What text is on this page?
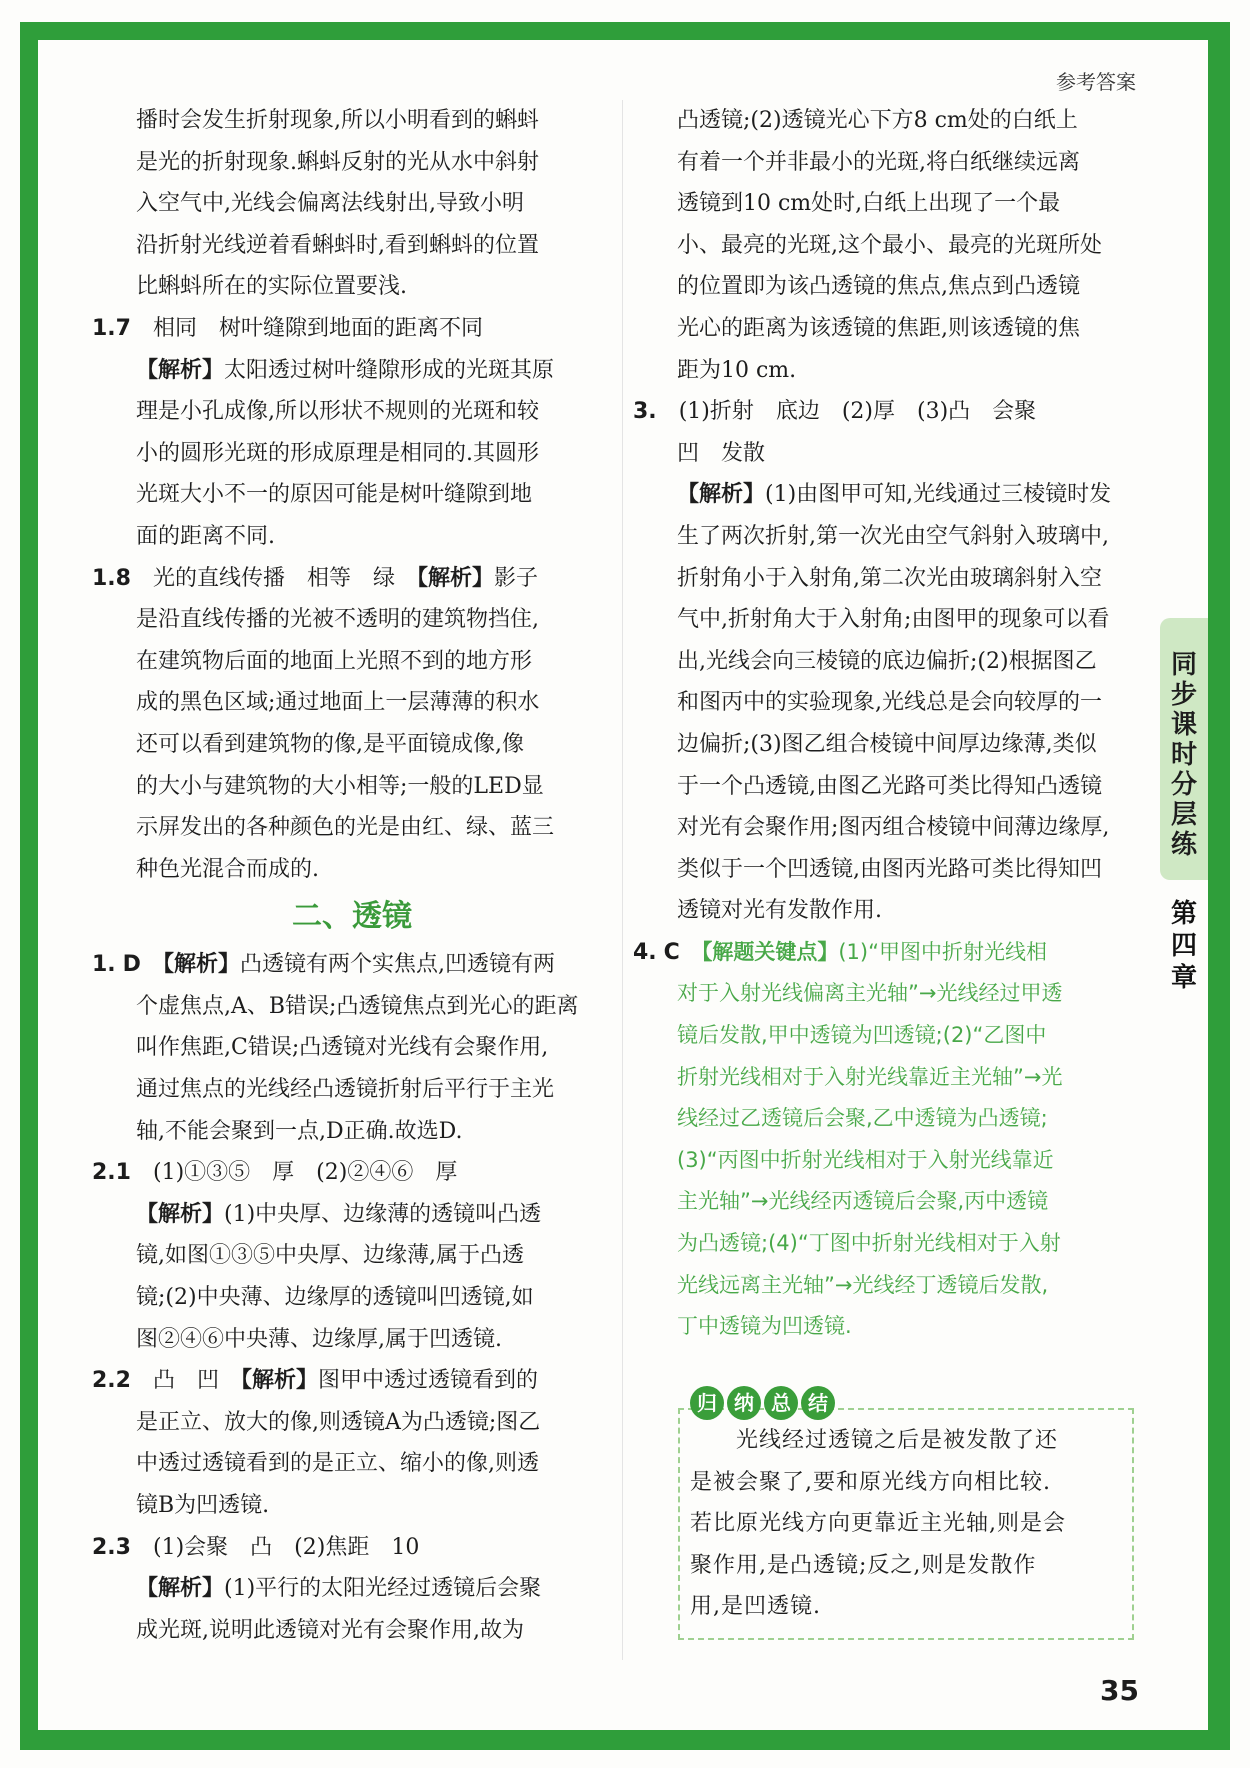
参考答案
同
步
课
时
分
层
练
第
四
章

播时会发生折射现象,所以小明看到的蝌蚪

是光的折射现象.蝌蚪反射的光从水中斜射

入空气中,光线会偏离法线射出,导致小明

沿折射光线逆着看蝌蚪时,看到蝌蚪的位置

比蝌蚪所在的实际位置要浅.

1.7　 相同　树叶缝隙到地面的距离不同

【解析】太阳透过树叶缝隙形成的光斑其原

理是小孔成像,所以形状不规则的光斑和较

小的圆形光斑的形成原理是相同的.其圆形

光斑大小不一的原因可能是树叶缝隙到地

面的距离不同.

1.8　 光的直线传播　相等　绿　【解析】影子

是沿直线传播的光被不透明的建筑物挡住,

在建筑物后面的地面上光照不到的地方形

成的黑色区域;通过地面上一层薄薄的积水

还可以看到建筑物的像,是平面镜成像,像

的大小与建筑物的大小相等;一般的LED显

示屏发出的各种颜色的光是由红、绿、蓝三

种色光混合而成的.

二、透镜

1. D　 【解析】凸透镜有两个实焦点,凹透镜有两

个虚焦点,A、B错误;凸透镜焦点到光心的距离

叫作焦距,C错误;凸透镜对光线有会聚作用,

通过焦点的光线经凸透镜折射后平行于主光

轴,不能会聚到一点,D正确.故选D.

2.1　 (1)①③⑤　厚　(2)②④⑥　厚

【解析】(1)中央厚、边缘薄的透镜叫凸透

镜,如图①③⑤中央厚、边缘薄,属于凸透

镜;(2)中央薄、边缘厚的透镜叫凹透镜,如

图②④⑥中央薄、边缘厚,属于凹透镜.

2.2　 凸　凹　【解析】图甲中透过透镜看到的

是正立、放大的像,则透镜A为凸透镜;图乙

中透过透镜看到的是正立、缩小的像,则透

镜B为凹透镜.

2.3　 (1)会聚　凸　(2)焦距　10

【解析】(1)平行的太阳光经过透镜后会聚

成光斑,说明此透镜对光有会聚作用,故为

凸透镜;(2)透镜光心下方8 cm处的白纸上

有着一个并非最小的光斑,将白纸继续远离

透镜到10 cm处时,白纸上出现了一个最

小、最亮的光斑,这个最小、最亮的光斑所处

的位置即为该凸透镜的焦点,焦点到凸透镜

光心的距离为该透镜的焦距,则该透镜的焦

距为10 cm.

3.　 (1)折射　底边　(2)厚　(3)凸　会聚

凹　发散

【解析】(1)由图甲可知,光线通过三棱镜时发

生了两次折射,第一次光由空气斜射入玻璃中,

折射角小于入射角,第二次光由玻璃斜射入空

气中,折射角大于入射角;由图甲的现象可以看

出,光线会向三棱镜的底边偏折;(2)根据图乙

和图丙中的实验现象,光线总是会向较厚的一

边偏折;(3)图乙组合棱镜中间厚边缘薄,类似

于一个凸透镜,由图乙光路可类比得知凸透镜

对光有会聚作用;图丙组合棱镜中间薄边缘厚,

类似于一个凹透镜,由图丙光路可类比得知凹

透镜对光有发散作用.

4. C　 【解题关键点】(1)“甲图中折射光线相

对于入射光线偏离主光轴”→光线经过甲透

镜后发散,甲中透镜为凹透镜;(2)“乙图中

折射光线相对于入射光线靠近主光轴”→光

线经过乙透镜后会聚,乙中透镜为凸透镜;

(3)“丙图中折射光线相对于入射光线靠近

主光轴”→光线经丙透镜后会聚,丙中透镜

为凸透镜;(4)“丁图中折射光线相对于入射

光线远离主光轴”→光线经丁透镜后发散,

丁中透镜为凹透镜.

归 纳 总 结
　　光线经过透镜之后是被发散了还
是被会聚了,要和原光线方向相比较.
若比原光线方向更靠近主光轴,则是会
聚作用,是凸透镜;反之,则是发散作
用,是凹透镜.
35
